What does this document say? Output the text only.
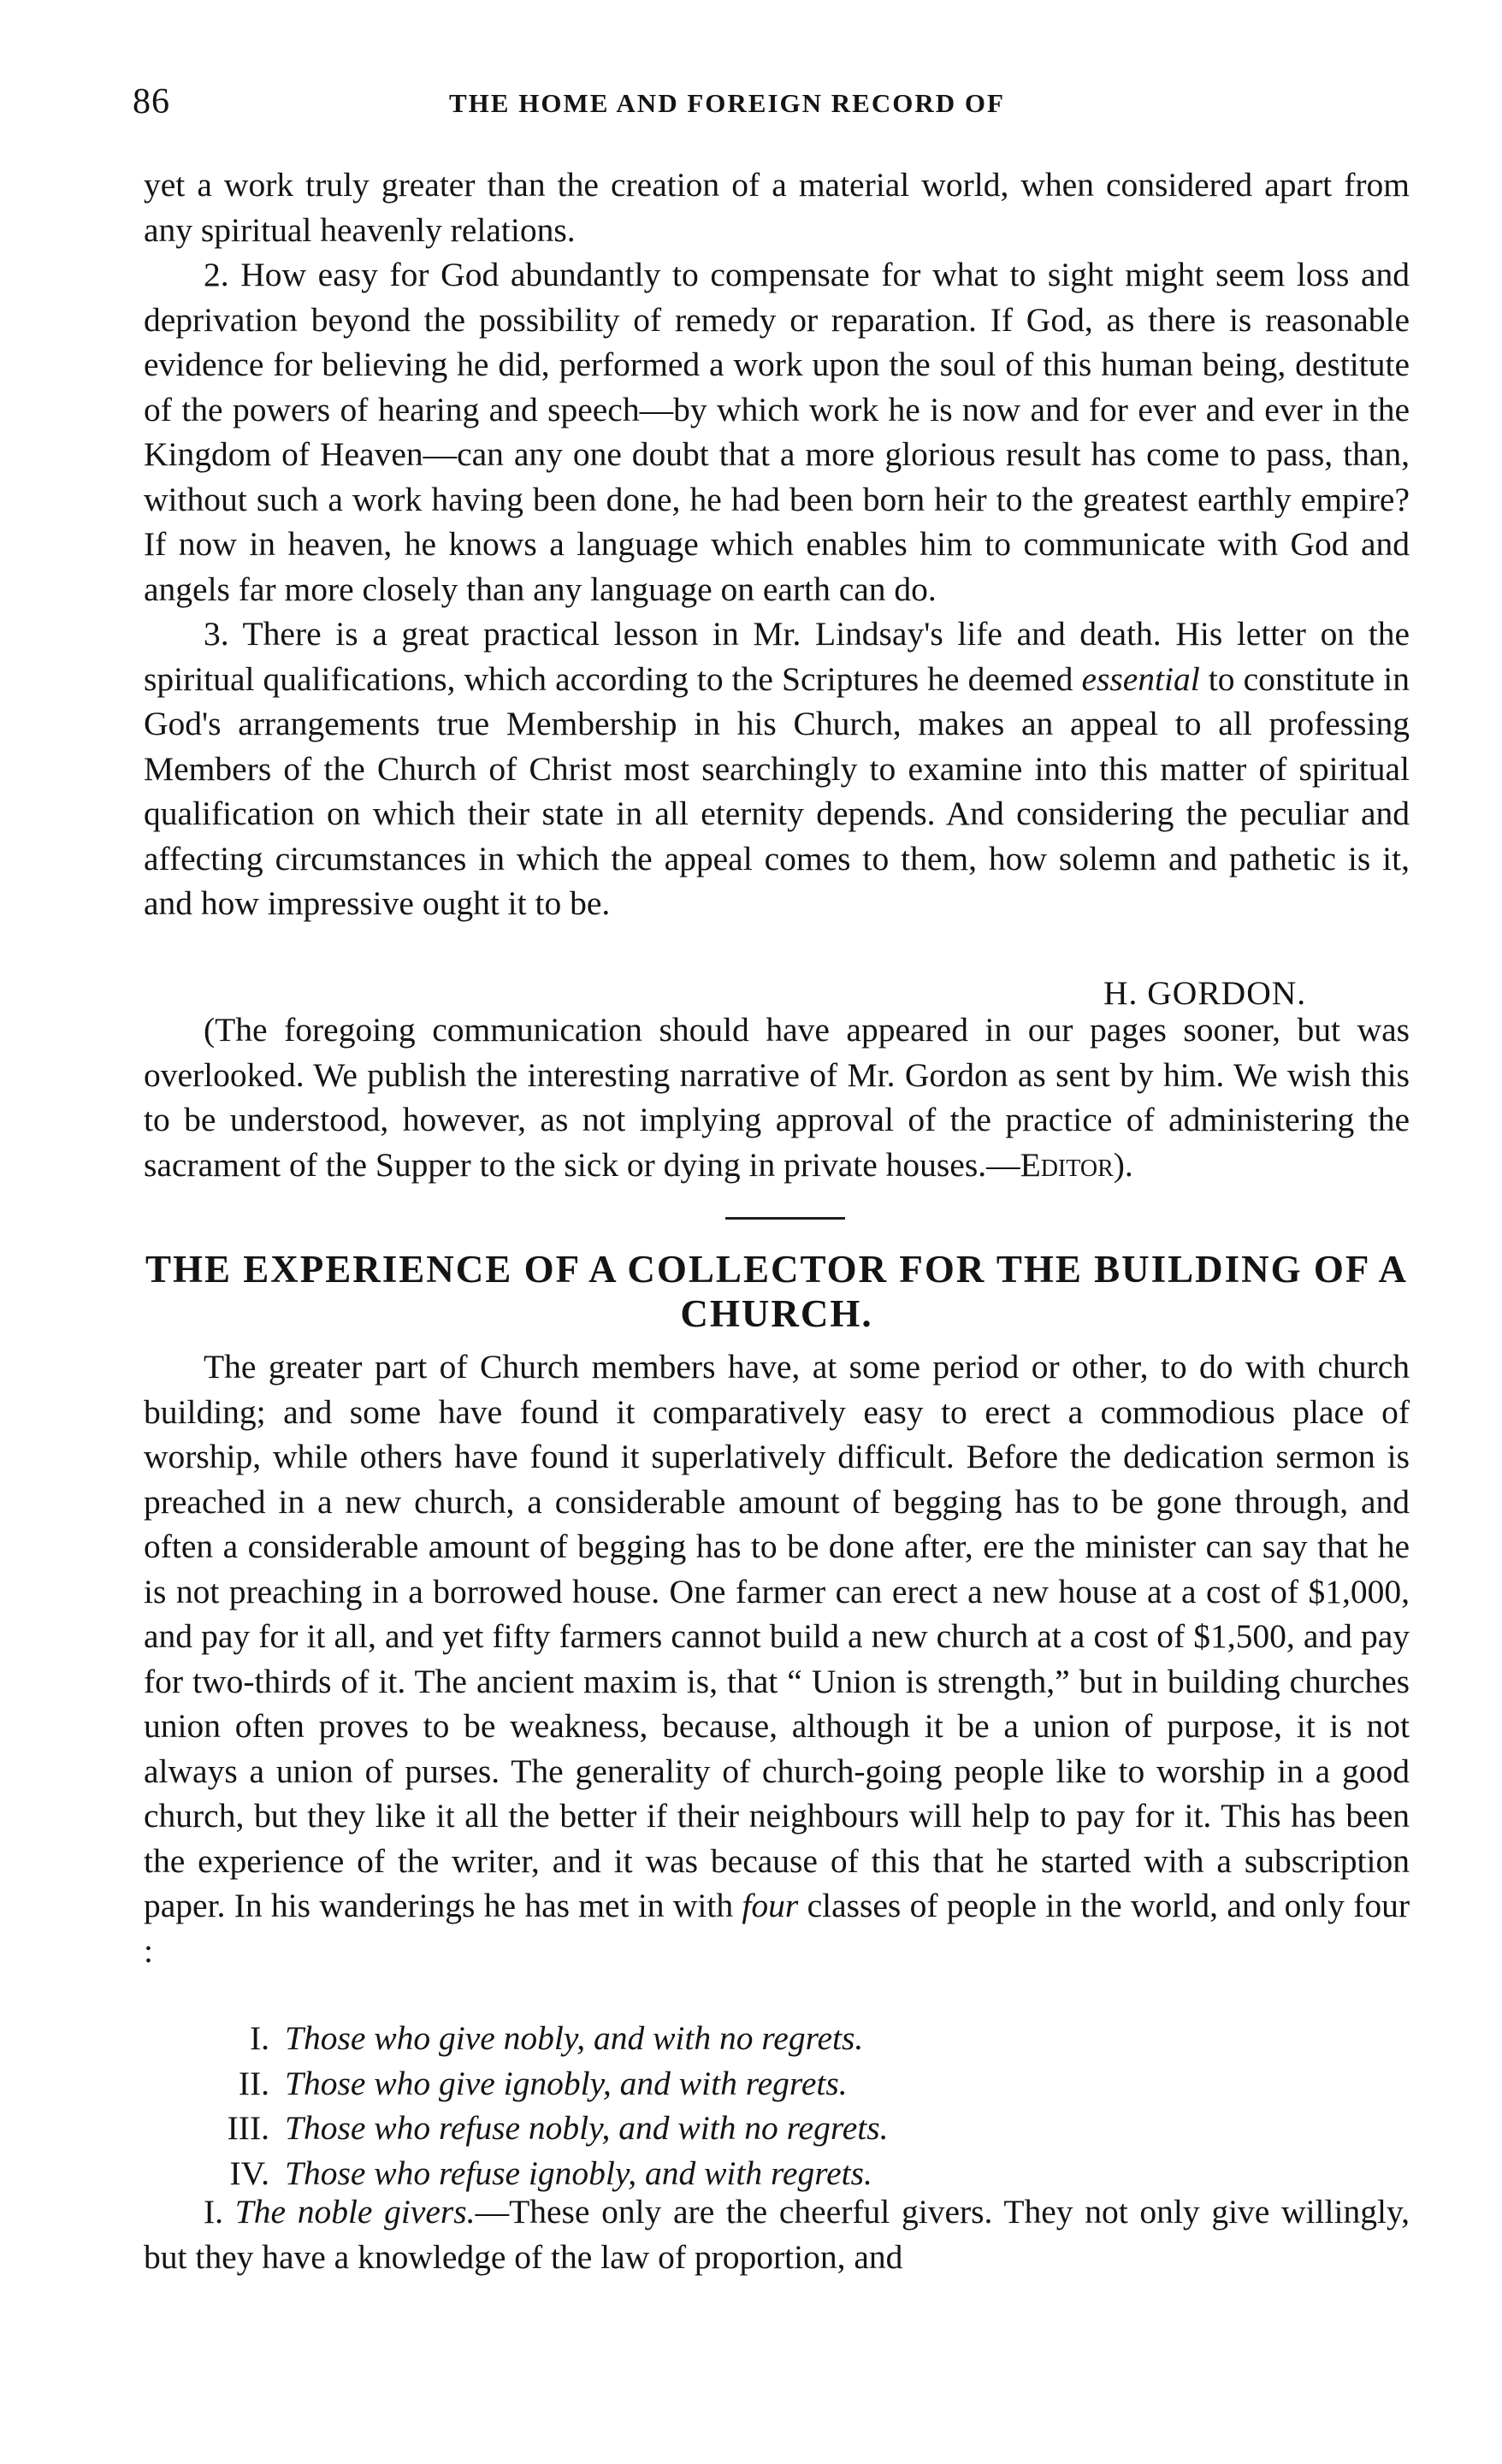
86	THE HOME AND FOREIGN RECORD OF

yet a work truly greater than the creation of a material world, when considered apart from any spiritual heavenly relations.

2. How easy for God abundantly to compensate for what to sight might seem loss and deprivation beyond the possibility of remedy or reparation. If God, as there is reasonable evidence for believing he did, performed a work upon the soul of this human being, destitute of the powers of hearing and speech—by which work he is now and for ever and ever in the Kingdom of Heaven—can any one doubt that a more glorious result has come to pass, than, without such a work having been done, he had been born heir to the greatest earthly empire? If now in heaven, he knows a language which enables him to communicate with God and angels far more closely than any language on earth can do.

3. There is a great practical lesson in Mr. Lindsay's life and death. His letter on the spiritual qualifications, which according to the Scriptures he deemed essential to constitute in God's arrangements true Membership in his Church, makes an appeal to all professing Members of the Church of Christ most searchingly to examine into this matter of spiritual qualification on which their state in all eternity depends. And considering the peculiar and affecting circumstances in which the appeal comes to them, how solemn and pathetic is it, and how impressive ought it to be.

H. GORDON.

(The foregoing communication should have appeared in our pages sooner, but was overlooked. We publish the interesting narrative of Mr. Gordon as sent by him. We wish this to be understood, however, as not implying approval of the practice of administering the sacrament of the Supper to the sick or dying in private houses.—Editor).

THE EXPERIENCE OF A COLLECTOR FOR THE BUILDING OF A
CHURCH.

The greater part of Church members have, at some period or other, to do with church building; and some have found it comparatively easy to erect a commodious place of worship, while others have found it superlatively difficult. Before the dedication sermon is preached in a new church, a considerable amount of begging has to be gone through, and often a considerable amount of begging has to be done after, ere the minister can say that he is not preaching in a borrowed house. One farmer can erect a new house at a cost of $1,000, and pay for it all, and yet fifty farmers cannot build a new church at a cost of $1,500, and pay for two-thirds of it. The ancient maxim is, that “ Union is strength,” but in building churches union often proves to be weakness, because, although it be a union of purpose, it is not always a union of purses. The generality of church-going people like to worship in a good church, but they like it all the better if their neighbours will help to pay for it. This has been the experience of the writer, and it was because of this that he started with a subscription paper. In his wanderings he has met in with four classes of people in the world, and only four :

I. Those who give nobly, and with no regrets.
II. Those who give ignobly, and with regrets.
III. Those who refuse nobly, and with no regrets.
IV. Those who refuse ignobly, and with regrets.

I. The noble givers.—These only are the cheerful givers. They not only give willingly, but they have a knowledge of the law of proportion, and
